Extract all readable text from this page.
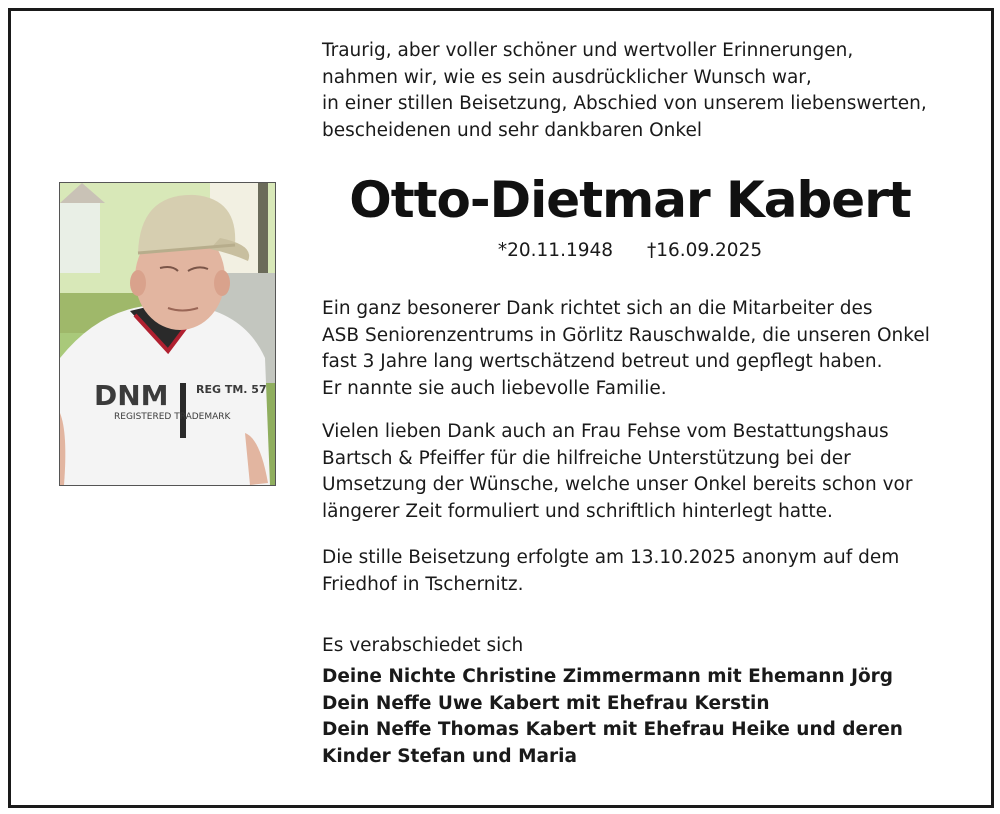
Traurig, aber voller schöner und wertvoller Erinnerungen,
nahmen wir, wie es sein ausdrücklicher Wunsch war,
in einer stillen Beisetzung, Abschied von unserem liebenswerten,
bescheidenen und sehr dankbaren Onkel
DNM
REGISTERED TRADEMARK
REG TM. 57
Otto-Dietmar Kabert
*20.11.1948 †16.09.2025
Ein ganz besonerer Dank richtet sich an die Mitarbeiter des
ASB Seniorenzentrums in Görlitz Rauschwalde, die unseren Onkel
fast 3 Jahre lang wertschätzend betreut und gepflegt haben.
Er nannte sie auch liebevolle Familie.
Vielen lieben Dank auch an Frau Fehse vom Bestattungshaus
Bartsch & Pfeiffer für die hilfreiche Unterstützung bei der
Umsetzung der Wünsche, welche unser Onkel bereits schon vor
längerer Zeit formuliert und schriftlich hinterlegt hatte.
Die stille Beisetzung erfolgte am 13.10.2025 anonym auf dem
Friedhof in Tschernitz.
Es verabschiedet sich
Deine Nichte Christine Zimmermann mit Ehemann Jörg
Dein Neffe Uwe Kabert mit Ehefrau Kerstin
Dein Neffe Thomas Kabert mit Ehefrau Heike und deren
Kinder Stefan und Maria
